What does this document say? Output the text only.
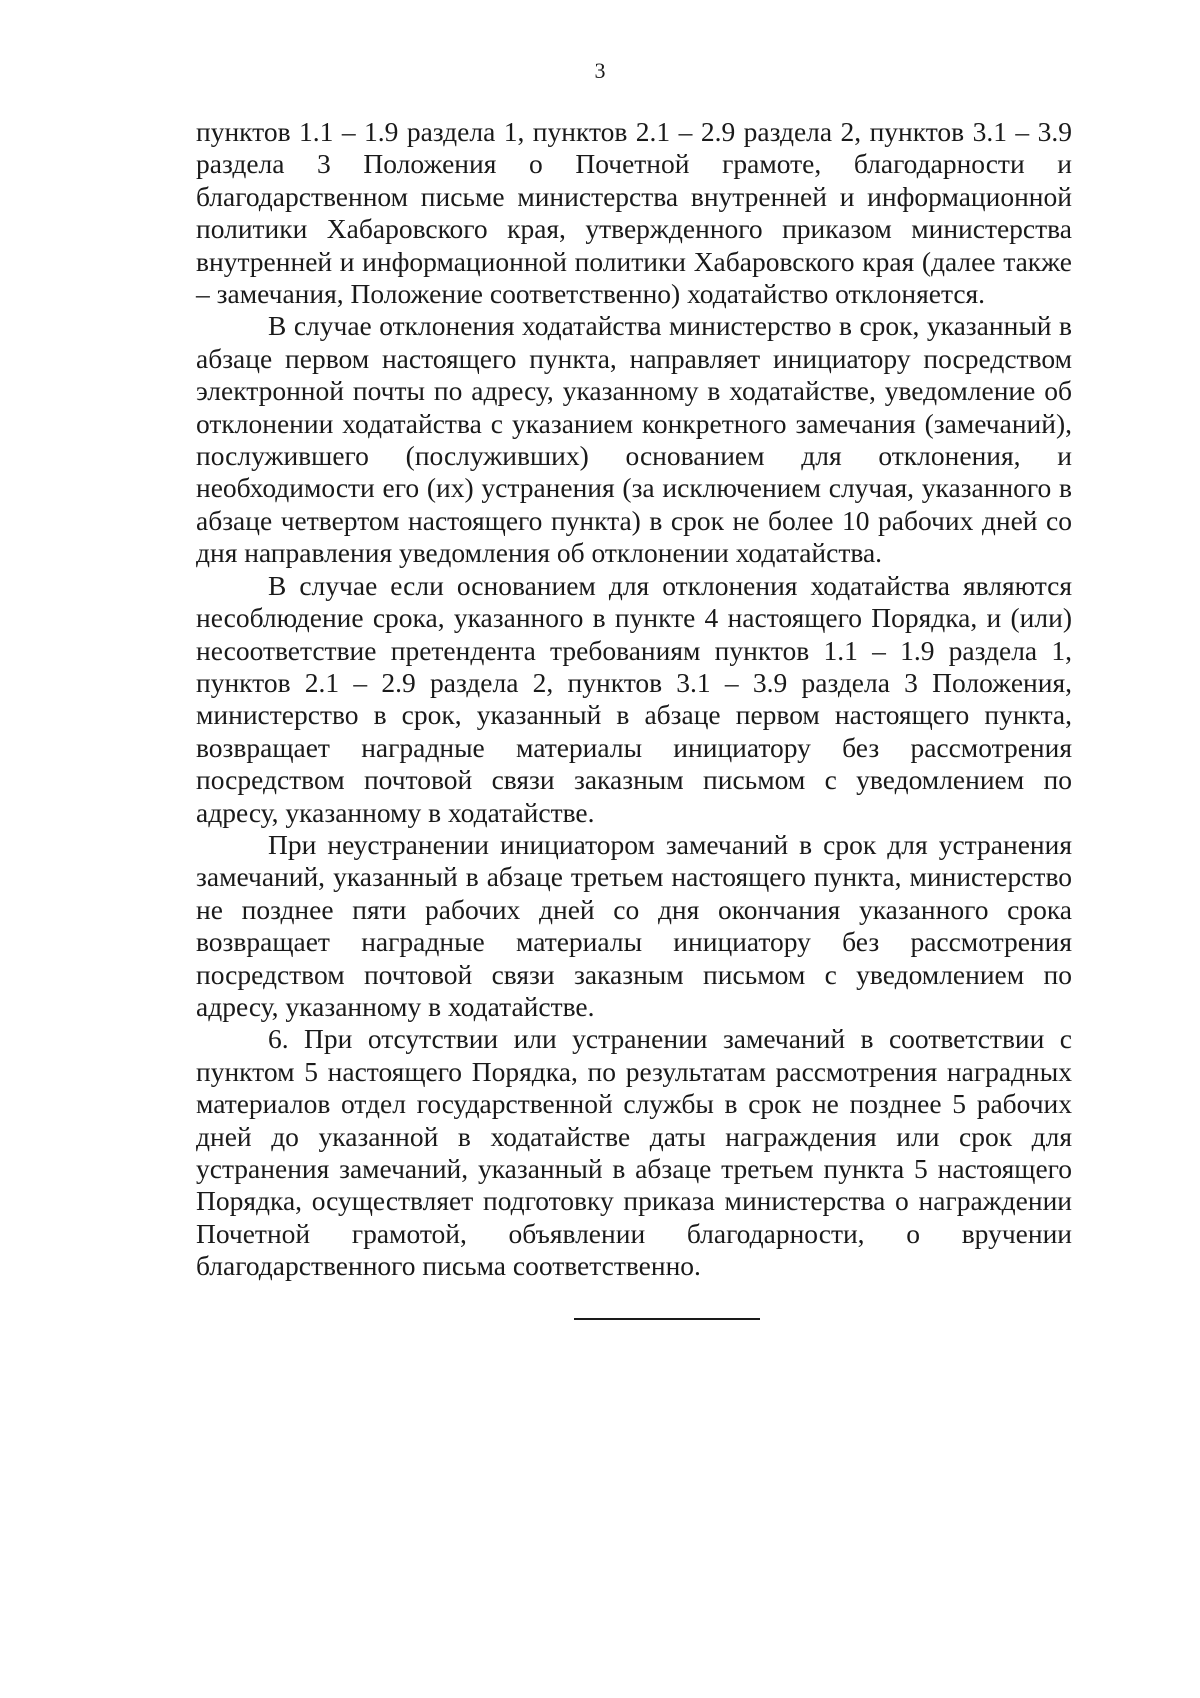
3

пунктов 1.1 – 1.9 раздела 1, пунктов 2.1 – 2.9 раздела 2, пунктов 3.1 – 3.9 раздела 3 Положения о Почетной грамоте, благодарности и благодарственном письме министерства внутренней и информационной политики Хабаровского края, утвержденного приказом министерства внутренней и информационной политики Хабаровского края (далее также – замечания, Положение соответственно) ходатайство отклоняется.

В случае отклонения ходатайства министерство в срок, указанный в абзаце первом настоящего пункта, направляет инициатору посредством электронной почты по адресу, указанному в ходатайстве, уведомление об отклонении ходатайства с указанием конкретного замечания (замечаний), послужившего (послуживших) основанием для отклонения, и необходимости его (их) устранения (за исключением случая, указанного в абзаце четвертом настоящего пункта) в срок не более 10 рабочих дней со дня направления уведомления об отклонении ходатайства.

В случае если основанием для отклонения ходатайства являются несоблюдение срока, указанного в пункте 4 настоящего Порядка, и (или) несоответствие претендента требованиям пунктов 1.1 – 1.9 раздела 1, пунктов 2.1 – 2.9 раздела 2, пунктов 3.1 – 3.9 раздела 3 Положения, министерство в срок, указанный в абзаце первом настоящего пункта, возвращает наградные материалы инициатору без рассмотрения посредством почтовой связи заказным письмом с уведомлением по адресу, указанному в ходатайстве.

При неустранении инициатором замечаний в срок для устранения замечаний, указанный в абзаце третьем настоящего пункта, министерство не позднее пяти рабочих дней со дня окончания указанного срока возвращает наградные материалы инициатору без рассмотрения посредством почтовой связи заказным письмом с уведомлением по адресу, указанному в ходатайстве.

6. При отсутствии или устранении замечаний в соответствии с пунктом 5 настоящего Порядка, по результатам рассмотрения наградных материалов отдел государственной службы в срок не позднее 5 рабочих дней до указанной в ходатайстве даты награждения или срок для устранения замечаний, указанный в абзаце третьем пункта 5 настоящего Порядка, осуществляет подготовку приказа министерства о награждении Почетной грамотой, объявлении благодарности, о вручении благодарственного письма соответственно.
